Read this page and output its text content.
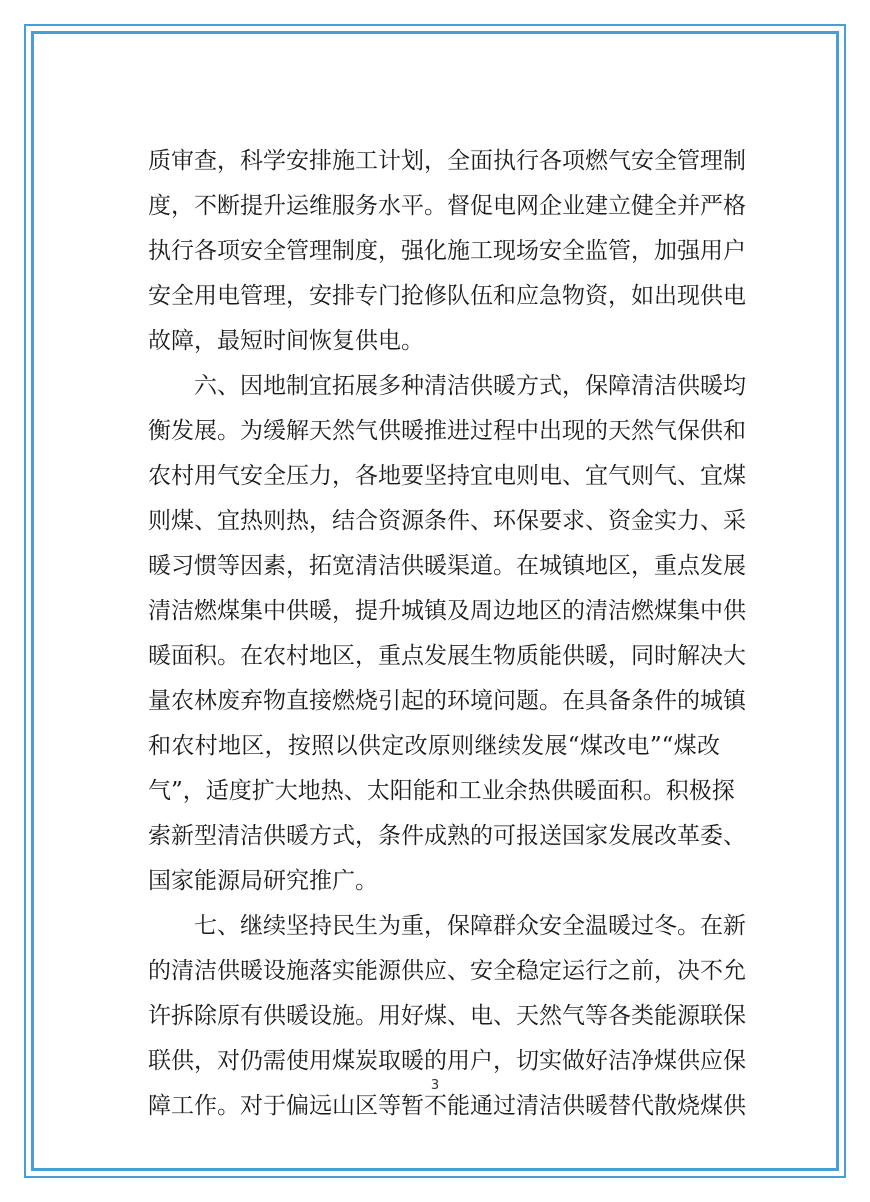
质审查，科学安排施工计划，全面执行各项燃气安全管理制
度，不断提升运维服务水平。督促电网企业建立健全并严格
执行各项安全管理制度，强化施工现场安全监管，加强用户
安全用电管理，安排专门抢修队伍和应急物资，如出现供电
故障，最短时间恢复供电。
六、因地制宜拓展多种清洁供暖方式，保障清洁供暖均
衡发展。为缓解天然气供暖推进过程中出现的天然气保供和
农村用气安全压力，各地要坚持宜电则电、宜气则气、宜煤
则煤、宜热则热，结合资源条件、环保要求、资金实力、采
暖习惯等因素，拓宽清洁供暖渠道。在城镇地区，重点发展
清洁燃煤集中供暖，提升城镇及周边地区的清洁燃煤集中供
暖面积。在农村地区，重点发展生物质能供暖，同时解决大
量农林废弃物直接燃烧引起的环境问题。在具备条件的城镇
和农村地区，按照以供定改原则继续发展“煤改电”“煤改
气”，适度扩大地热、太阳能和工业余热供暖面积。积极探
索新型清洁供暖方式，条件成熟的可报送国家发展改革委、
国家能源局研究推广。
七、继续坚持民生为重，保障群众安全温暖过冬。在新
的清洁供暖设施落实能源供应、安全稳定运行之前，决不允
许拆除原有供暖设施。用好煤、电、天然气等各类能源联保
联供，对仍需使用煤炭取暖的用户，切实做好洁净煤供应保
障工作。对于偏远山区等暂不能通过清洁供暖替代散烧煤供
3
